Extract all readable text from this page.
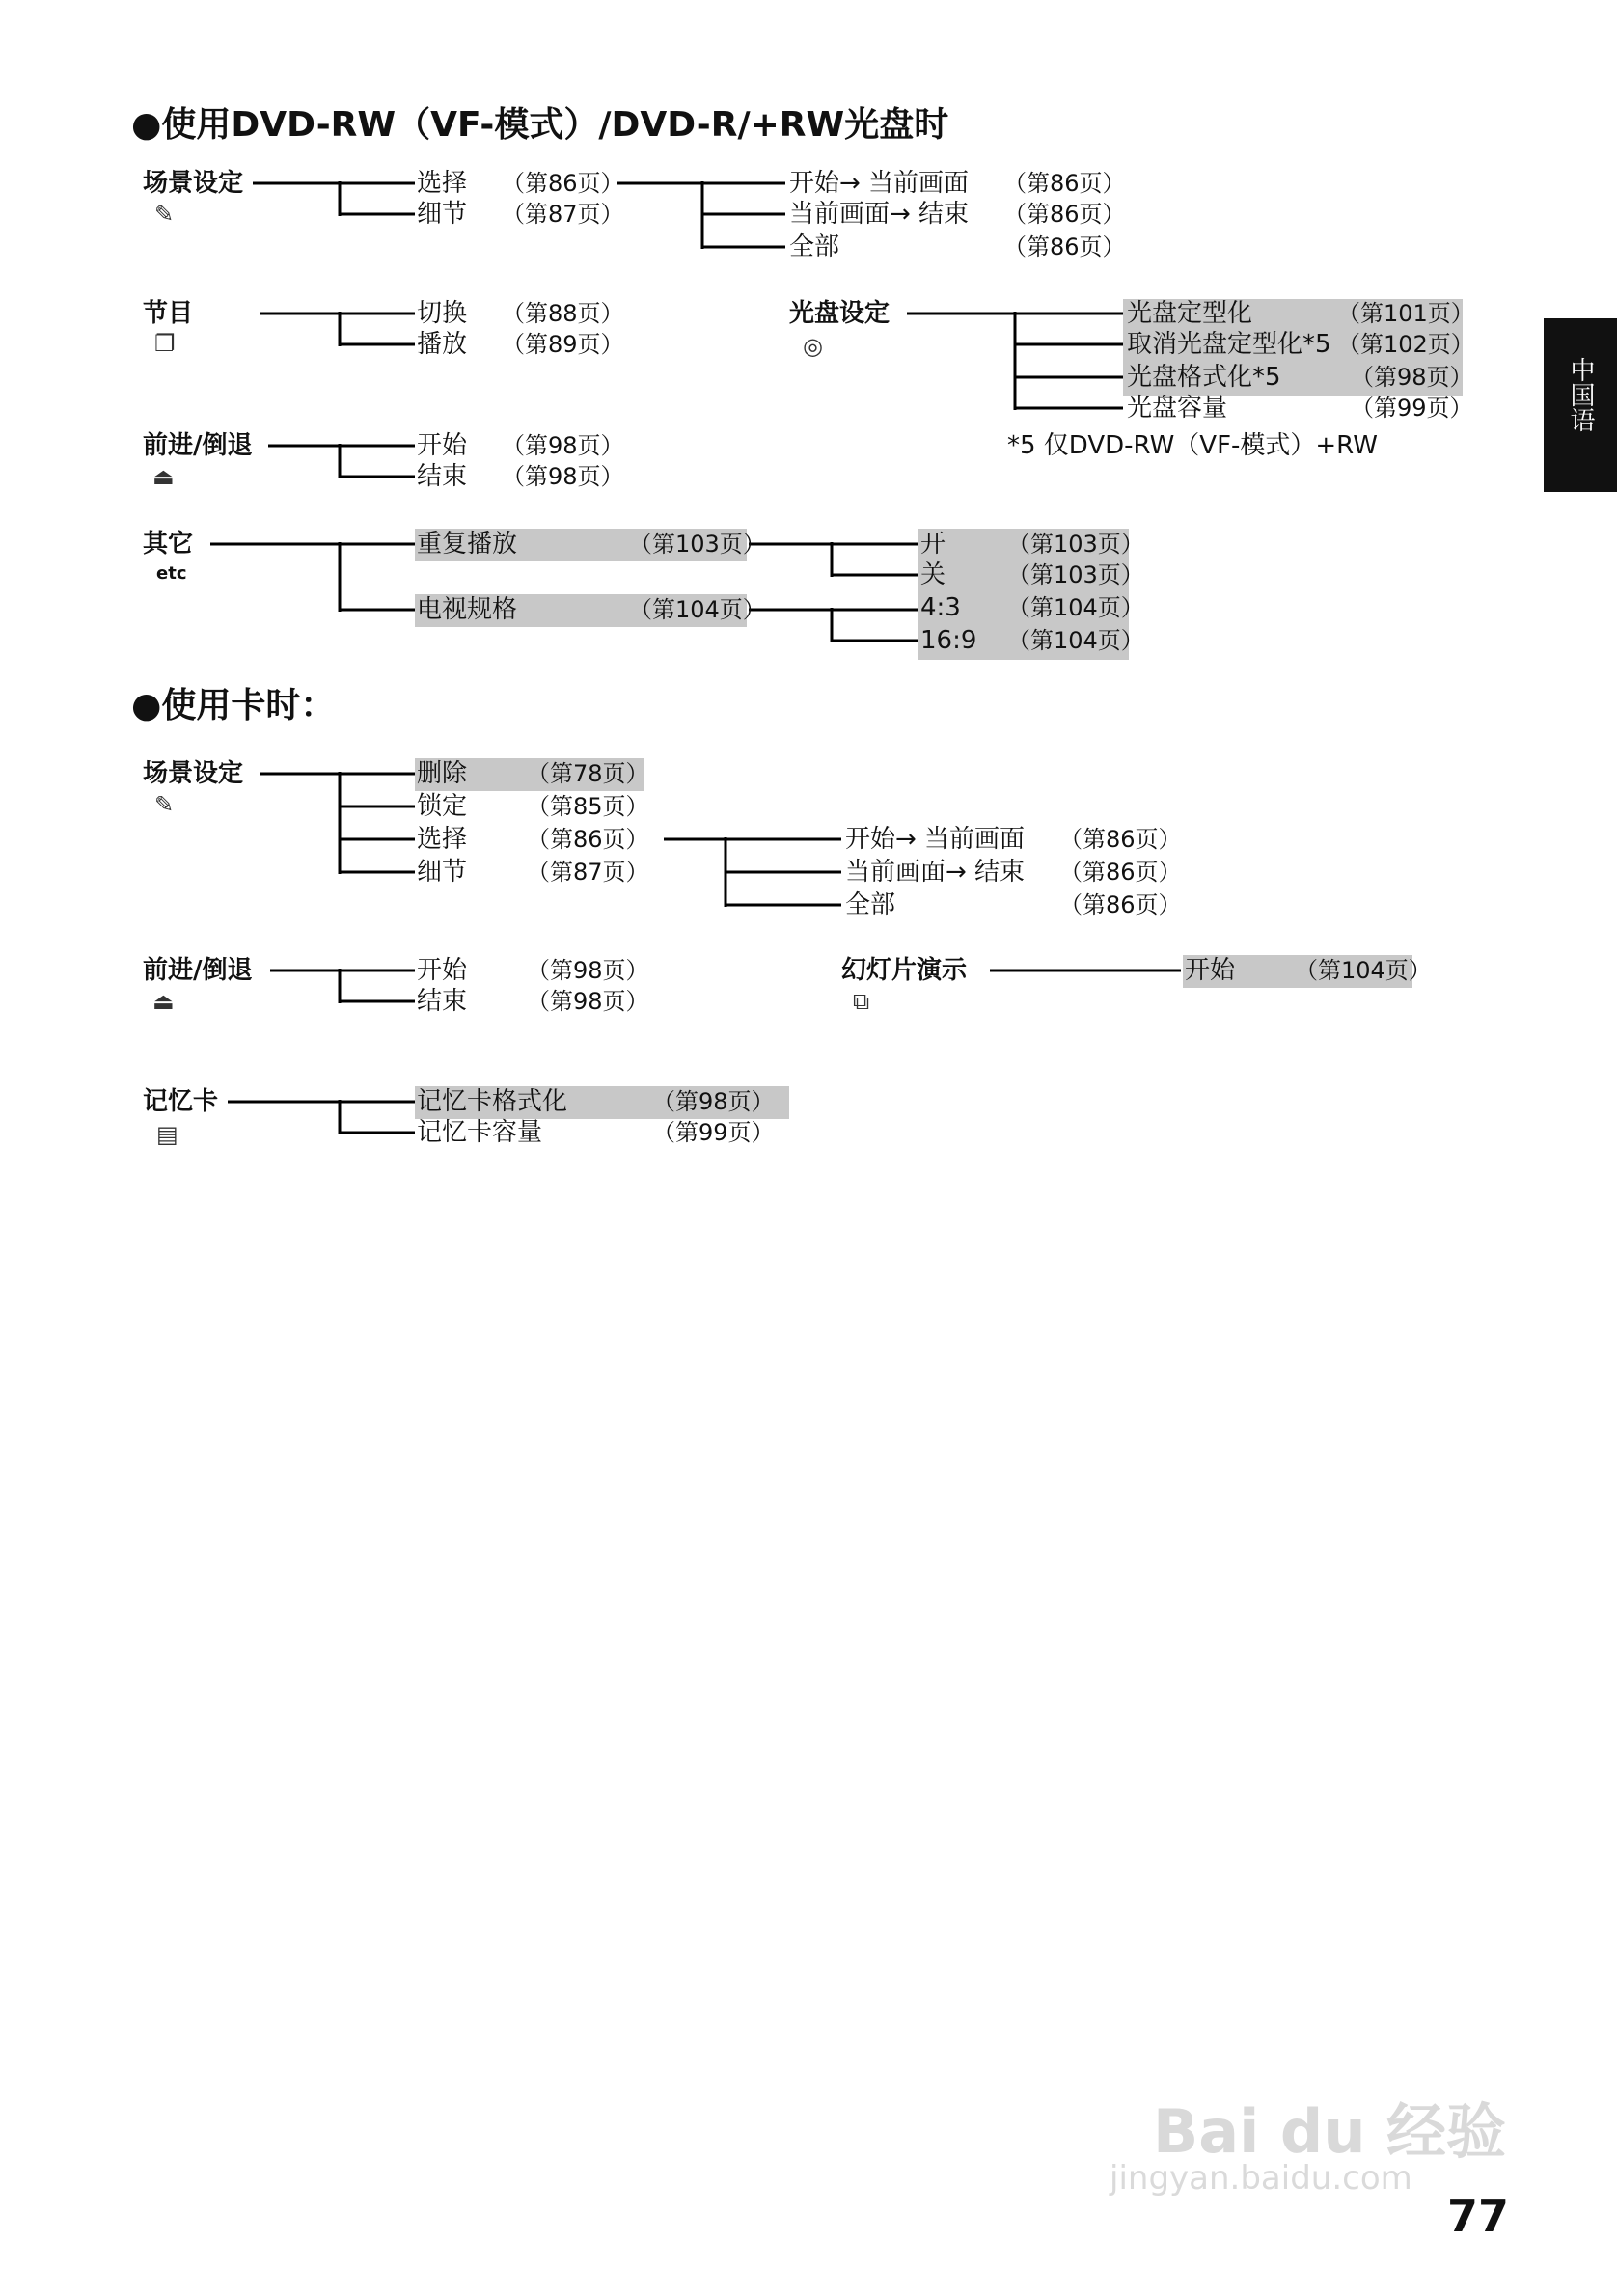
●使用DVD-RW（VF-模式）/DVD-R/+RW光盘时
场景设定
✎
选择 （第86页）
细节 （第87页）
开始→ 当前画面 （第86页）
当前画面→ 结束 （第86页）
全部	（第86页）
节目
❐
切换 （第88页）
播放 （第89页）
光盘设定
◎
光盘定型化	（第101页）
取消光盘定型化*5 （第102页）
光盘格式化*5	（第98页）
光盘容量	（第99页）
*5 仅DVD-RW（VF-模式）+RW
前进/倒退
⏏
开始 （第98页）
结束 （第98页）
其它
etc
重复播放	（第103页）
电视规格	（第104页）
开	（第103页）
关	（第103页）
4:3 （第104页）
16:9 （第104页）
●使用卡时：
场景设定
✎
删除	（第78页）
锁定	（第85页）
选择	（第86页）
细节	（第87页）
开始→ 当前画面 （第86页）
当前画面→ 结束 （第86页）
全部	（第86页）
前进/倒退
⏏
开始	（第98页）
结束	（第98页）
幻灯片演示
⧉
开始	（第104页）
记忆卡
▤
记忆卡格式化	（第98页）
记忆卡容量	（第99页）
中国语
Bai du 经验
jingyan.baidu.com
77
